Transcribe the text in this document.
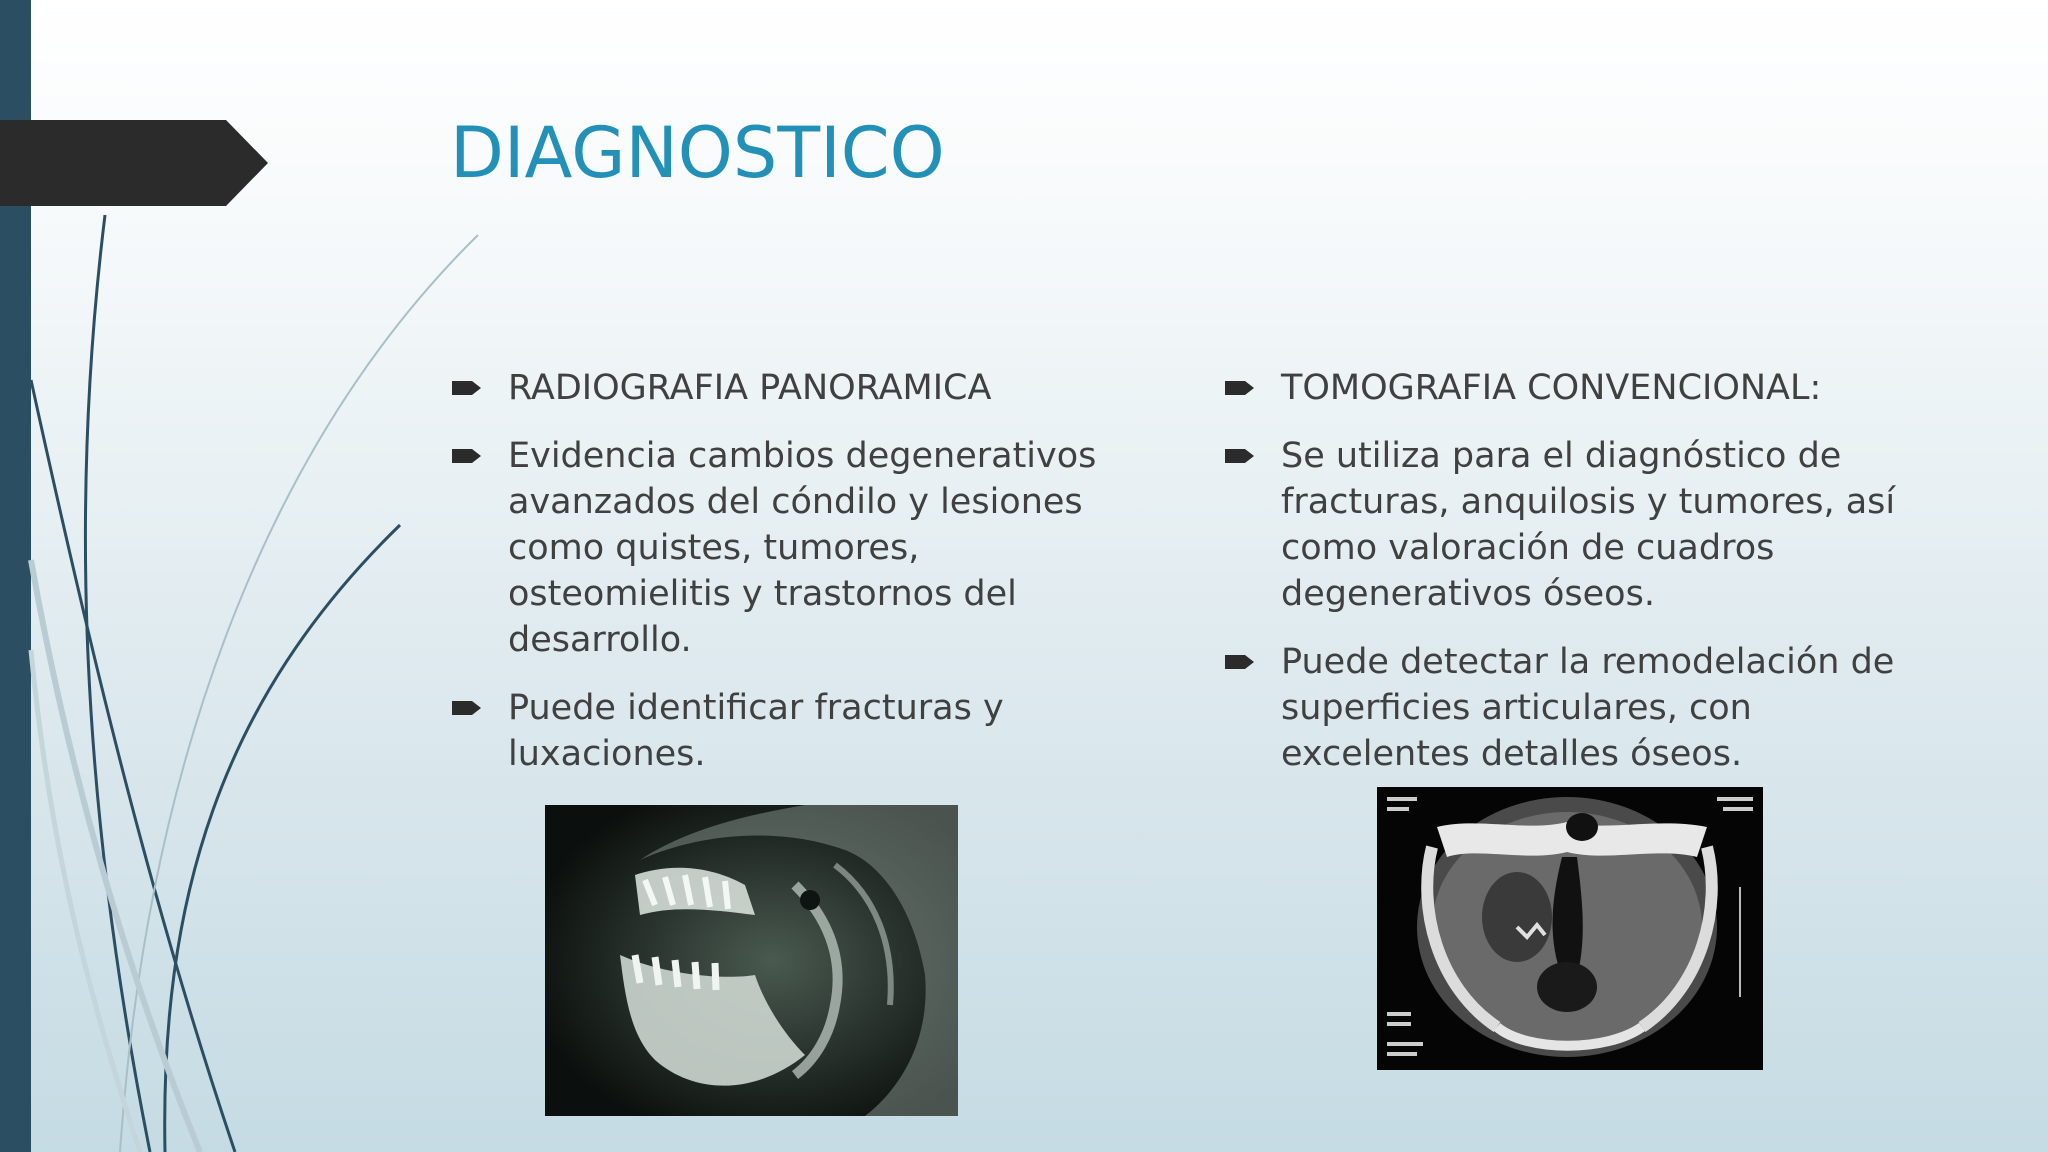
DIAGNOSTICO
RADIOGRAFIA PANORAMICA
Evidencia cambios degenerativos avanzados del cóndilo y lesiones como quistes, tumores, osteomielitis y trastornos del desarrollo.
Puede identificar fracturas y luxaciones.
TOMOGRAFIA CONVENCIONAL:
Se utiliza para el diagnóstico de fracturas, anquilosis y tumores, así como valoración de cuadros degenerativos óseos.
Puede detectar la remodelación de superficies articulares, con excelentes detalles óseos.
